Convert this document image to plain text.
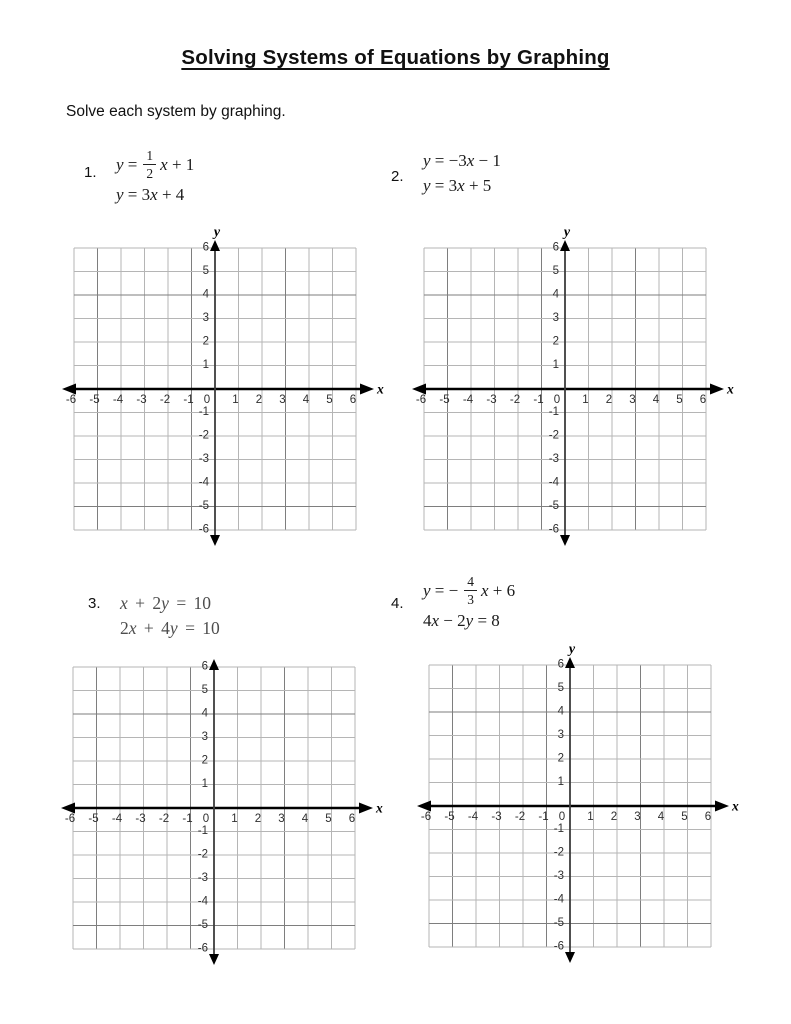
Solving Systems of Equations by Graphing

Solve each system by graphing.

1.	$y = \frac{1}{2}$ x + 1
y = 3x + 4
2.
y = −3x − 1
y = 3x + 5
3.	x + 2y = 10
2x + 4y = 10
4.
y = − $\frac{4}{3}$ x + 6
4x − 2y = 8
x
y
-6 -5 -4 -3 -2 -1 0 1 2 3 4 5 6
6
5
4
3
2
1
-1
-2
-3
-4
-5
-6
x
y
-6 -5 -4 -3 -2 -1 0 1 2 3 4 5 6
6
5
4
3
2
1
-1
-2
-3
-4
-5
-6
x
-6 -5 -4 -3 -2 -1 0 1 2 3 4 5 6
6
5
4
3
2
1
-1
-2
-3
-4
-5
-6
x
y
-6 -5 -4 -3 -2 -1 0 1 2 3 4 5 6
6
5
4
3
2
1
-1
-2
-3
-4
-5
-6
